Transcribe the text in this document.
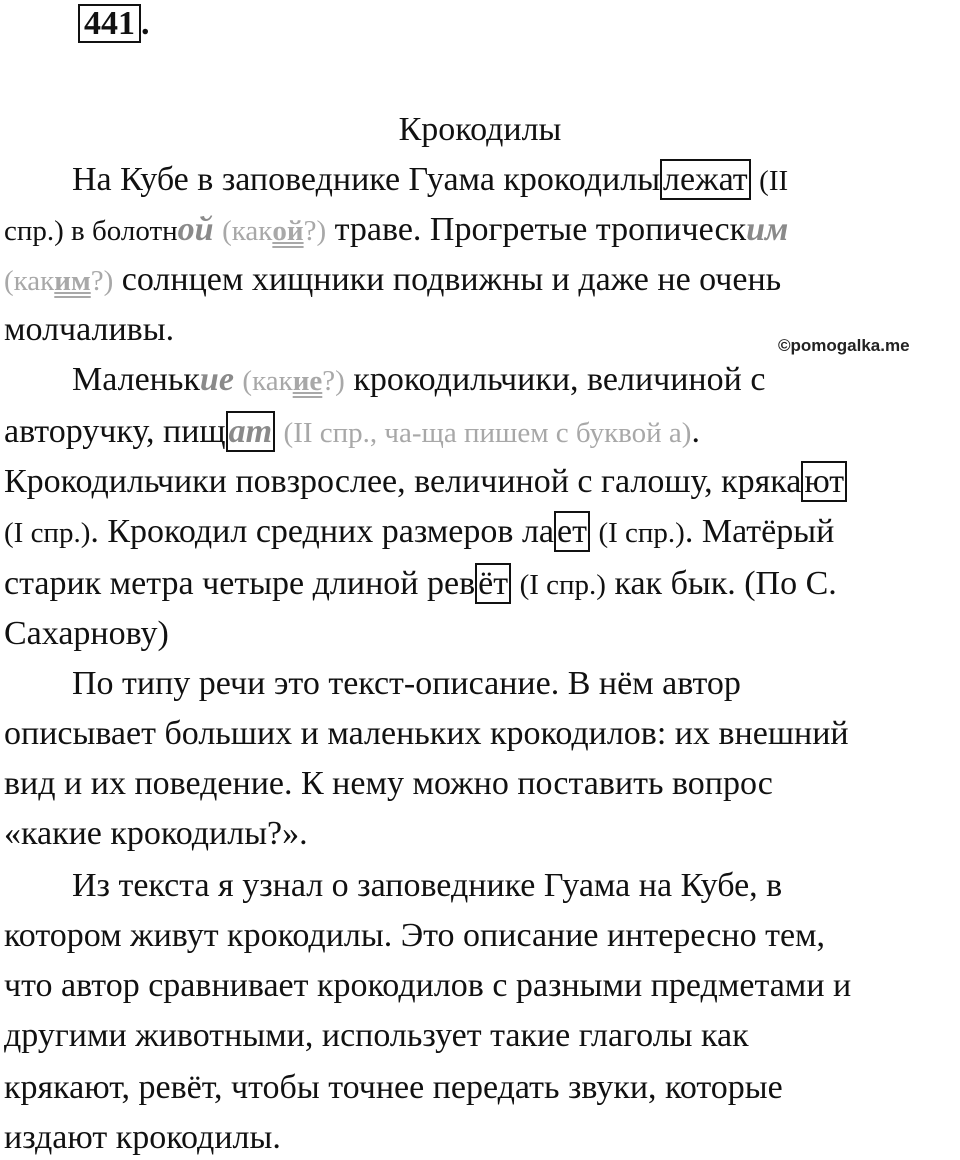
441 .
Крокодилы
©pomogalka.me
На Кубе в заповеднике Гуама крокодилылежат (II
спр.) в болотной (какой?) траве. Прогретые тропическим
(каким?) солнцем хищники подвижны и даже не очень
молчаливы.
Маленькие (какие?) крокодильчики, величиной с
авторучку, пищат (II спр., ча-ща пишем с буквой а).
Крокодильчики повзрослее, величиной с галошу, крякают
(I спр.). Крокодил средних размеров лает (I спр.). Матёрый
старик метра четыре длиной ревёт (I спр.) как бык. (По С.
Сахарнову)
По типу речи это текст-описание. В нём автор
описывает больших и маленьких крокодилов: их внешний
вид и их поведение. К нему можно поставить вопрос
«какие крокодилы?».
Из текста я узнал о заповеднике Гуама на Кубе, в
котором живут крокодилы. Это описание интересно тем,
что автор сравнивает крокодилов с разными предметами и
другими животными, использует такие глаголы как
крякают, ревёт, чтобы точнее передать звуки, которые
издают крокодилы.
